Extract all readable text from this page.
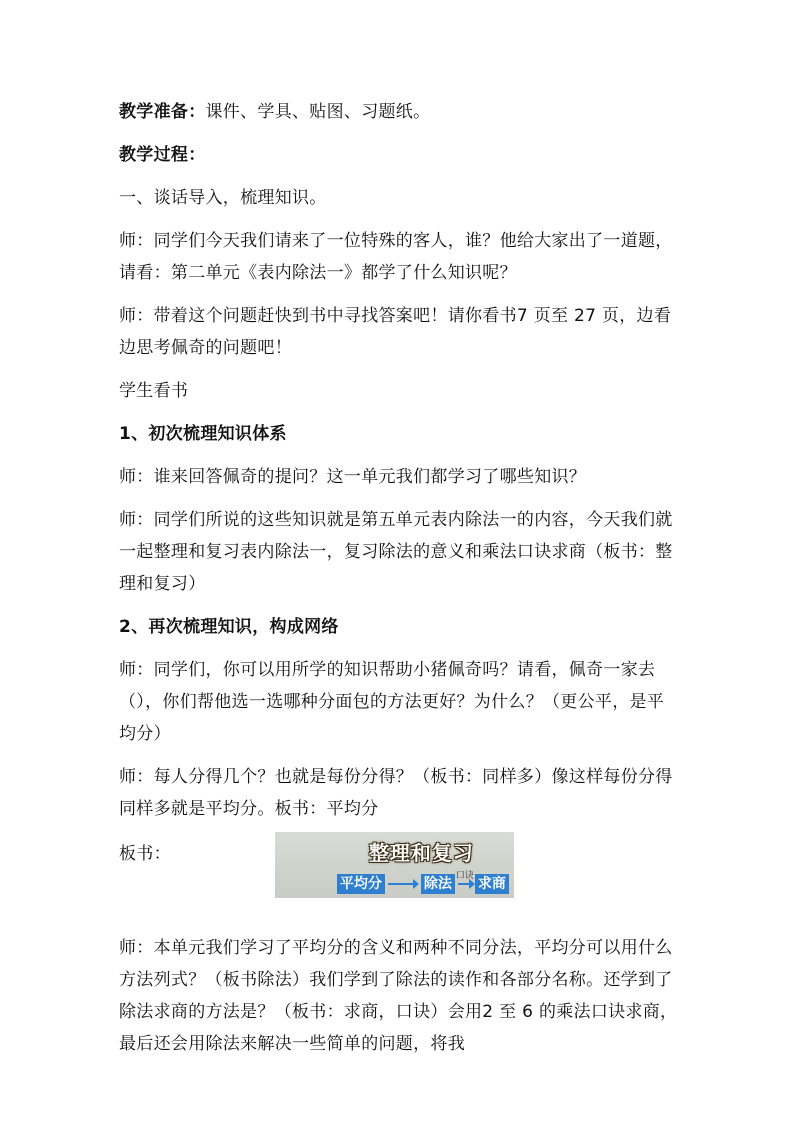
教学准备：课件、学具、贴图、习题纸。

教学过程：

一、谈话导入，梳理知识。

师：同学们今天我们请来了一位特殊的客人，谁？他给大家出了一道题，请看：第二单元《表内除法一》都学了什么知识呢？

师：带着这个问题赶快到书中寻找答案吧！请你看书7 页至 27 页，边看边思考佩奇的问题吧！

学生看书

1、初次梳理知识体系

师：谁来回答佩奇的提问？这一单元我们都学习了哪些知识？

师：同学们所说的这些知识就是第五单元表内除法一的内容，今天我们就一起整理和复习表内除法一，复习除法的意义和乘法口诀求商（板书：整理和复习）

2、再次梳理知识，构成网络

师：同学们，你可以用所学的知识帮助小猪佩奇吗？请看，佩奇一家去（），你们帮他选一选哪种分面包的方法更好？为什么？（更公平，是平均分）

师：每人分得几个？也就是每份分得？（板书：同样多）像这样每份分得同样多就是平均分。板书：平均分

板书：	整理和复习
平均分	除法 口诀 求商

师：本单元我们学习了平均分的含义和两种不同分法，平均分可以用什么方法列式？（板书除法）我们学到了除法的读作和各部分名称。还学到了除法求商的方法是？（板书：求商，口诀）会用2 至 6 的乘法口诀求商，最后还会用除法来解决一些简单的问题，将我
